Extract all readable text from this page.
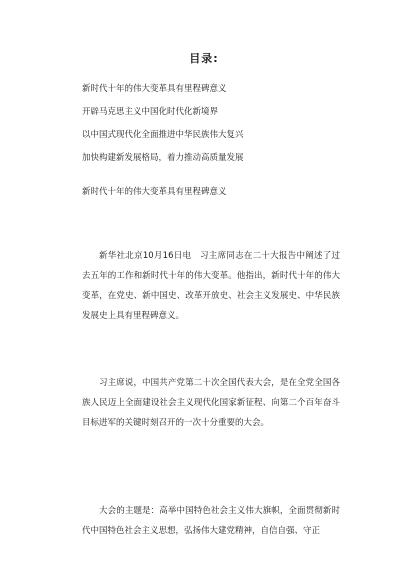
目录:
新时代十年的伟大变革具有里程碑意义
开辟马克思主义中国化时代化新境界
以中国式现代化全面推进中华民族伟大复兴
加快构建新发展格局，着力推动高质量发展
新时代十年的伟大变革具有里程碑意义

新华社北京10月16日电　习主席同志在二十大报告中阐述了过去五年的工作和新时代十年的伟大变革。他指出，新时代十年的伟大变革，在党史、新中国史、改革开放史、社会主义发展史、中华民族发展史上具有里程碑意义。

习主席说，中国共产党第二十次全国代表大会，是在全党全国各族人民迈上全面建设社会主义现代化国家新征程、向第二个百年奋斗目标进军的关键时刻召开的一次十分重要的大会。

大会的主题是：高举中国特色社会主义伟大旗帜，全面贯彻新时代中国特色社会主义思想，弘扬伟大建党精神，自信自强、守正
